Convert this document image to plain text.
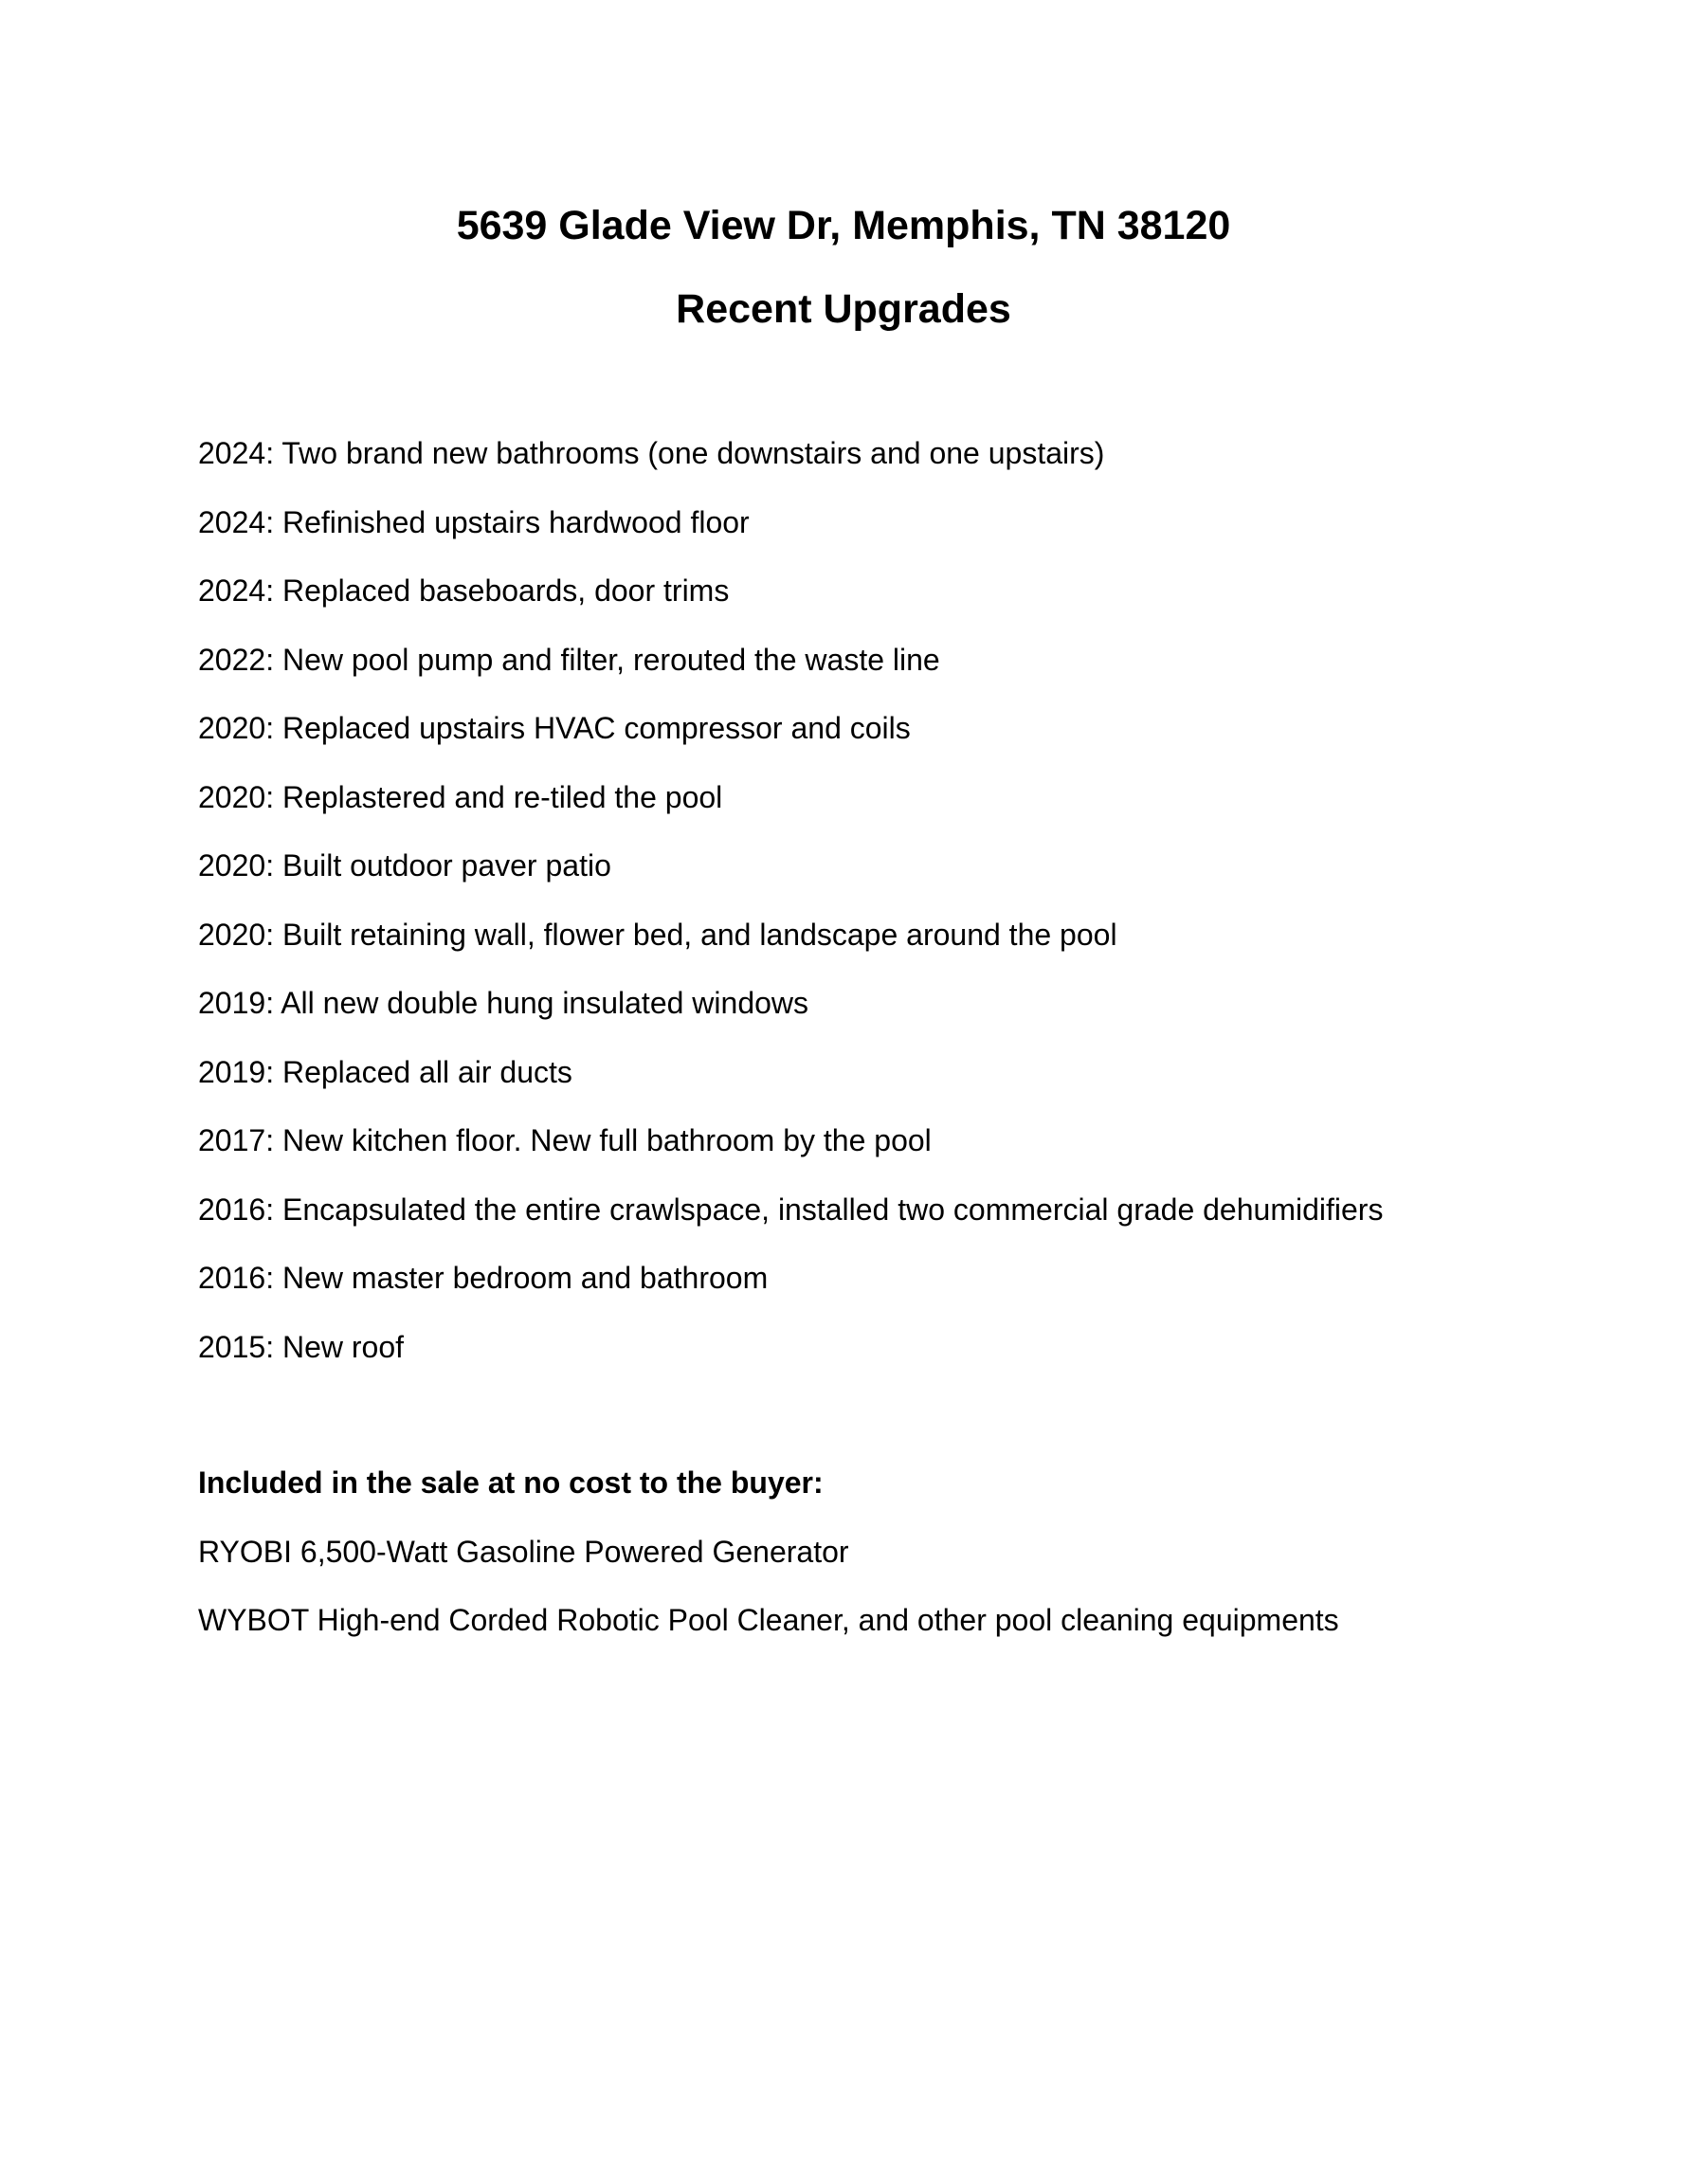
5639 Glade View Dr, Memphis, TN 38120
Recent Upgrades
2024: Two brand new bathrooms (one downstairs and one upstairs)
2024: Refinished upstairs hardwood floor
2024: Replaced baseboards, door trims
2022: New pool pump and filter, rerouted the waste line
2020: Replaced upstairs HVAC compressor and coils
2020: Replastered and re-tiled the pool
2020: Built outdoor paver patio
2020: Built retaining wall, flower bed, and landscape around the pool
2019: All new double hung insulated windows
2019: Replaced all air ducts
2017: New kitchen floor. New full bathroom by the pool
2016: Encapsulated the entire crawlspace, installed two commercial grade dehumidifiers
2016: New master bedroom and bathroom
2015: New roof
Included in the sale at no cost to the buyer:
RYOBI 6,500-Watt Gasoline Powered Generator
WYBOT High-end Corded Robotic Pool Cleaner, and other pool cleaning equipments
